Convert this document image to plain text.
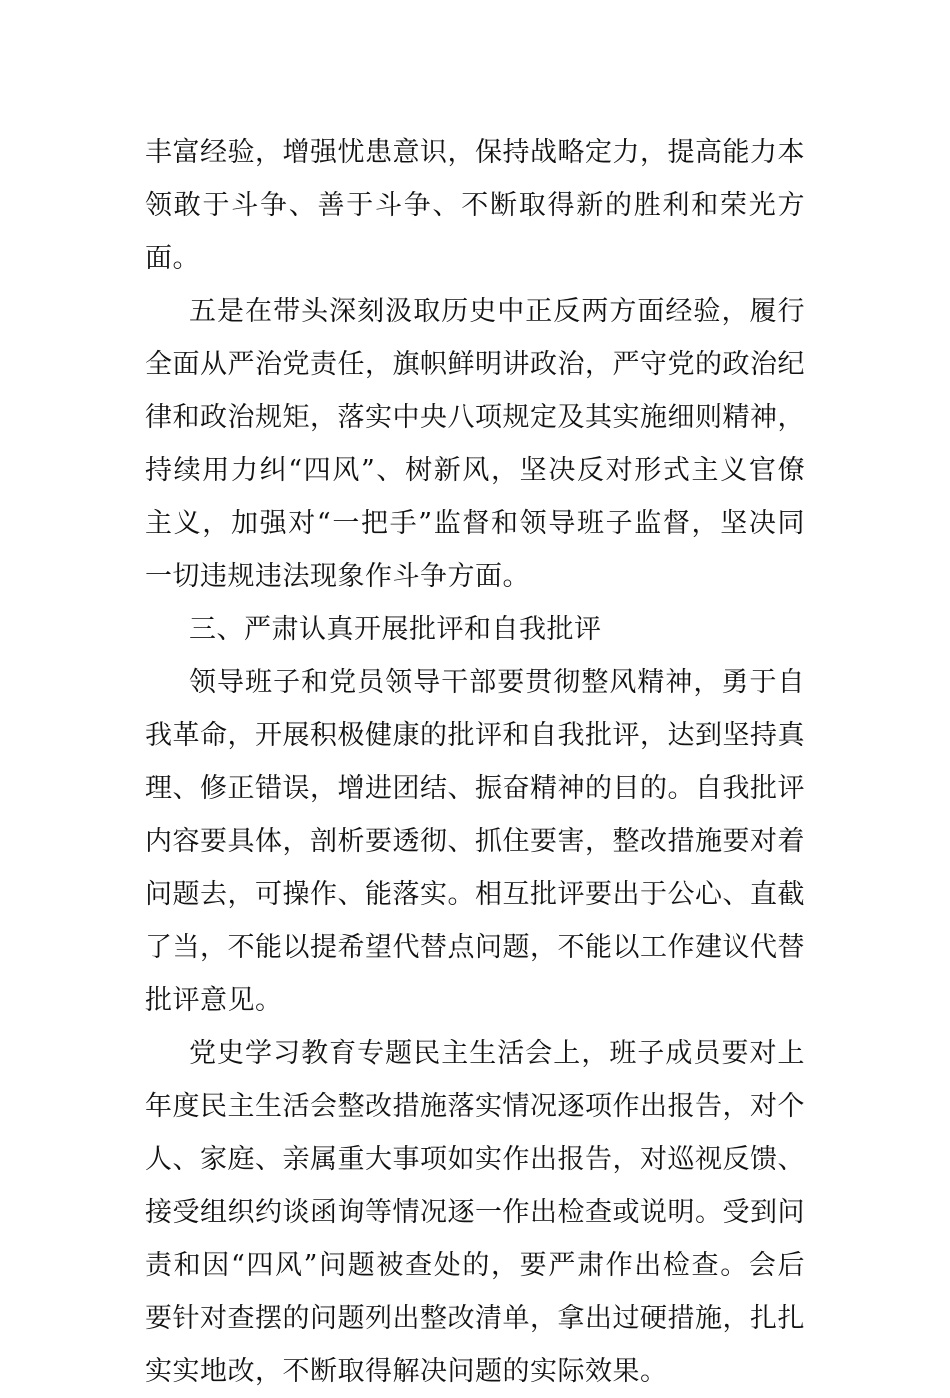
丰富经验，增强忧患意识，保持战略定力，提高能力本领敢于斗争、善于斗争、不断取得新的胜利和荣光方面。

五是在带头深刻汲取历史中正反两方面经验，履行全面从严治党责任，旗帜鲜明讲政治，严守党的政治纪律和政治规矩，落实中央八项规定及其实施细则精神，持续用力纠“四风”、树新风，坚决反对形式主义官僚主义，加强对“一把手”监督和领导班子监督，坚决同一切违规违法现象作斗争方面。

三、严肃认真开展批评和自我批评

领导班子和党员领导干部要贯彻整风精神，勇于自我革命，开展积极健康的批评和自我批评，达到坚持真理、修正错误，增进团结、振奋精神的目的。自我批评内容要具体，剖析要透彻、抓住要害，整改措施要对着问题去，可操作、能落实。相互批评要出于公心、直截了当，不能以提希望代替点问题，不能以工作建议代替批评意见。

党史学习教育专题民主生活会上，班子成员要对上年度民主生活会整改措施落实情况逐项作出报告，对个人、家庭、亲属重大事项如实作出报告，对巡视反馈、接受组织约谈函询等情况逐一作出检查或说明。受到问责和因“四风”问题被查处的，要严肃作出检查。会后要针对查摆的问题列出整改清单，拿出过硬措施，扎扎实实地改，不断取得解决问题的实际效果。
